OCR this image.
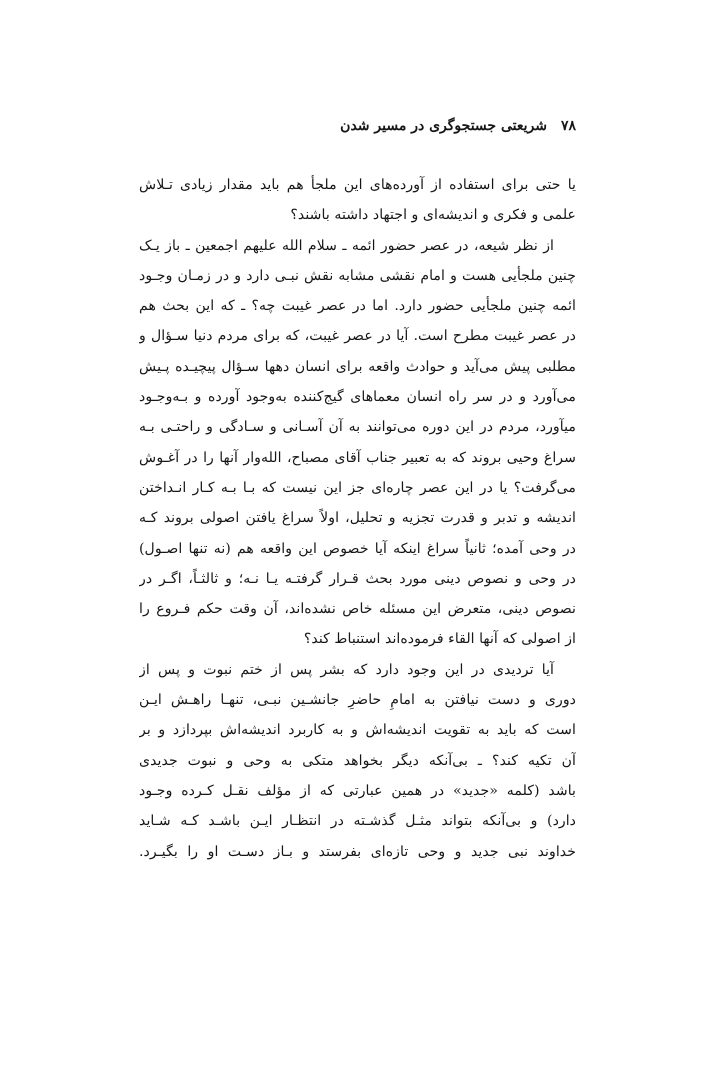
۷۸
شریعتی جستجوگری در مسیر شدن
یا حتی برای استفاده از آورده‌های این ملجأ هم باید مقدار زیادی تـلاش
علمی و فکری و اندیشه‌ای و اجتهاد داشته باشند؟
از نظر شیعه، در عصر حضور ائمه ـ سلام الله علیهم اجمعین ـ باز یـک
چنین ملجأیی هست و امام نقشی مشابه نقش نبـی دارد و در زمـان وجـود
ائمه چنین ملجأیی حضور دارد. اما در عصر غیبت چه؟ ـ که این بحث هم
در عصر غیبت مطرح است. آیا در عصر غیبت، که برای مردم دنیا سـؤال و
مطلبی پیش می‌آید و حوادث واقعه برای انسان دهها سـؤال پیچیـده پـیش
می‌آورد و در سر راه انسان معماهای گیج‌کننده به‌وجود آورده و بـه‌وجـود
میآورد، مردم در این دوره می‌توانند به آن آسـانی و سـادگی و راحتـی بـه
سراغ وحیی بروند که به تعبیر جناب آقای مصباح، الله‌وار آنها را در آغـوش
می‌گرفت؟ یا در این عصر چاره‌ای جز این نیست که بـا بـه کـار انـداختن
اندیشه و تدبر و قدرت تجزیه و تحلیل، اولاً سراغ یافتن اصولی بروند کـه
در وحی آمده؛ ثانیاً سراغ اینکه آیا خصوص این واقعه هم (نه تنها اصـول)
در وحی و نصوص دینی مورد بحث قـرار گرفتـه یـا نـه؛ و ثالثـاً، اگـر در
نصوص دینی، متعرض این مسئله خاص نشده‌اند، آن وقت حکم فـروع را
از اصولی که آنها القاء فرموده‌اند استنباط کند؟
آیا تردیدی در این وجود دارد که بشر پس از ختم نبوت و پس از
دوری و دست نیافتن به امامِ حاضرِ جانشـین نبـی، تنهـا راهـش ایـن
است که باید به تقویت اندیشه‌اش و به کاربرد اندیشه‌اش بپردازد و بر
آن تکیه کند؟ ـ بی‌آنکه دیگر بخواهد متکی به وحی و نبوت جدیدی
باشد (کلمه «جدید» در همین عبارتی که از مؤلف نقـل کـرده وجـود
دارد) و بی‌آنکه بتواند مثـل گذشـته در انتظـار ایـن باشـد کـه شـاید
خداوند نبی جدید و وحی تازه‌ای بفرستد و بـاز دسـت او را بگیـرد.
